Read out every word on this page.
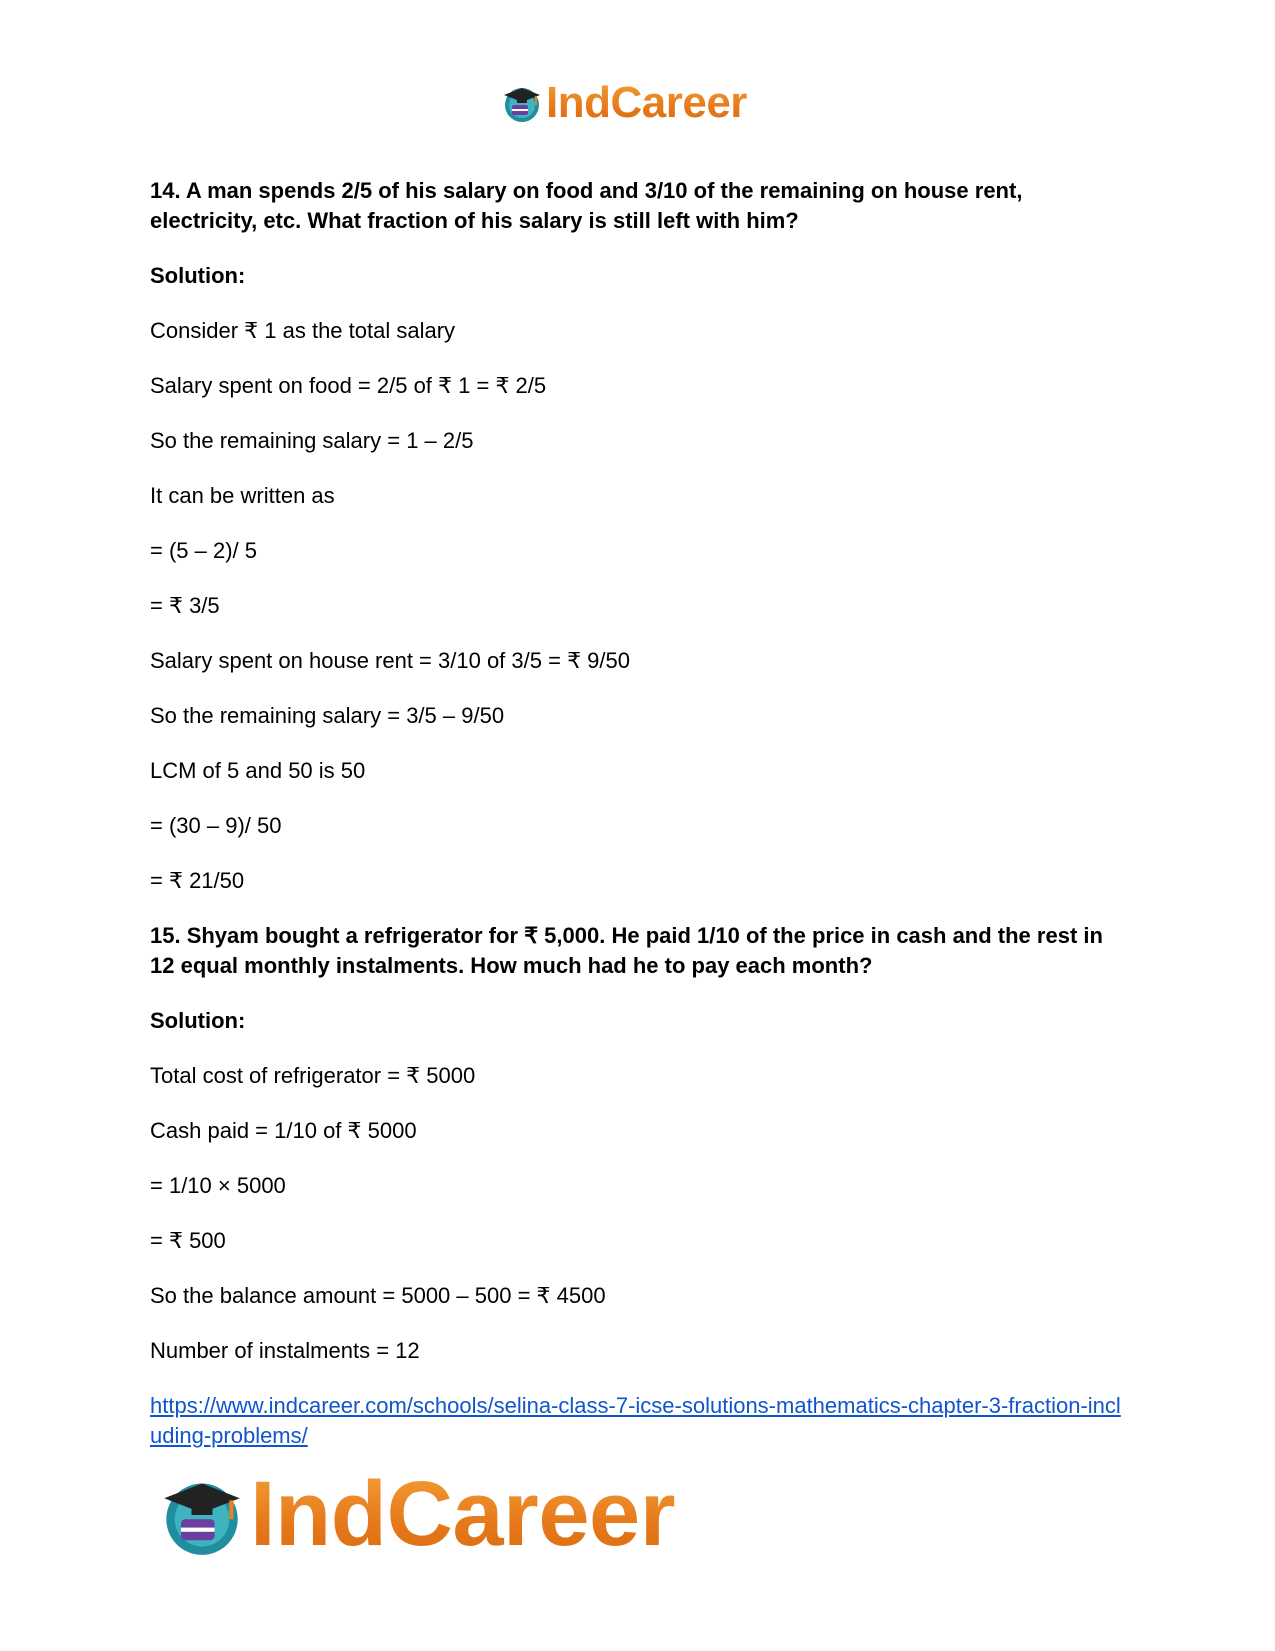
IndCareer

14. A man spends 2/5 of his salary on food and 3/10 of the remaining on house rent, electricity, etc. What fraction of his salary is still left with him?

Solution:

Consider ₹ 1 as the total salary

Salary spent on food = 2/5 of ₹ 1 = ₹ 2/5

So the remaining salary = 1 – 2/5

It can be written as

= (5 – 2)/ 5

= ₹ 3/5

Salary spent on house rent = 3/10 of 3/5 = ₹ 9/50

So the remaining salary = 3/5 – 9/50

LCM of 5 and 50 is 50

= (30 – 9)/ 50

= ₹ 21/50

15. Shyam bought a refrigerator for ₹ 5,000. He paid 1/10 of the price in cash and the rest in 12 equal monthly instalments. How much had he to pay each month?

Solution:

Total cost of refrigerator = ₹ 5000

Cash paid = 1/10 of ₹ 5000

= 1/10 × 5000

= ₹ 500

So the balance amount = 5000 – 500 = ₹ 4500

Number of instalments = 12

https://www.indcareer.com/schools/selina-class-7-icse-solutions-mathematics-chapter-3-fraction-including-problems/
IndCareer
